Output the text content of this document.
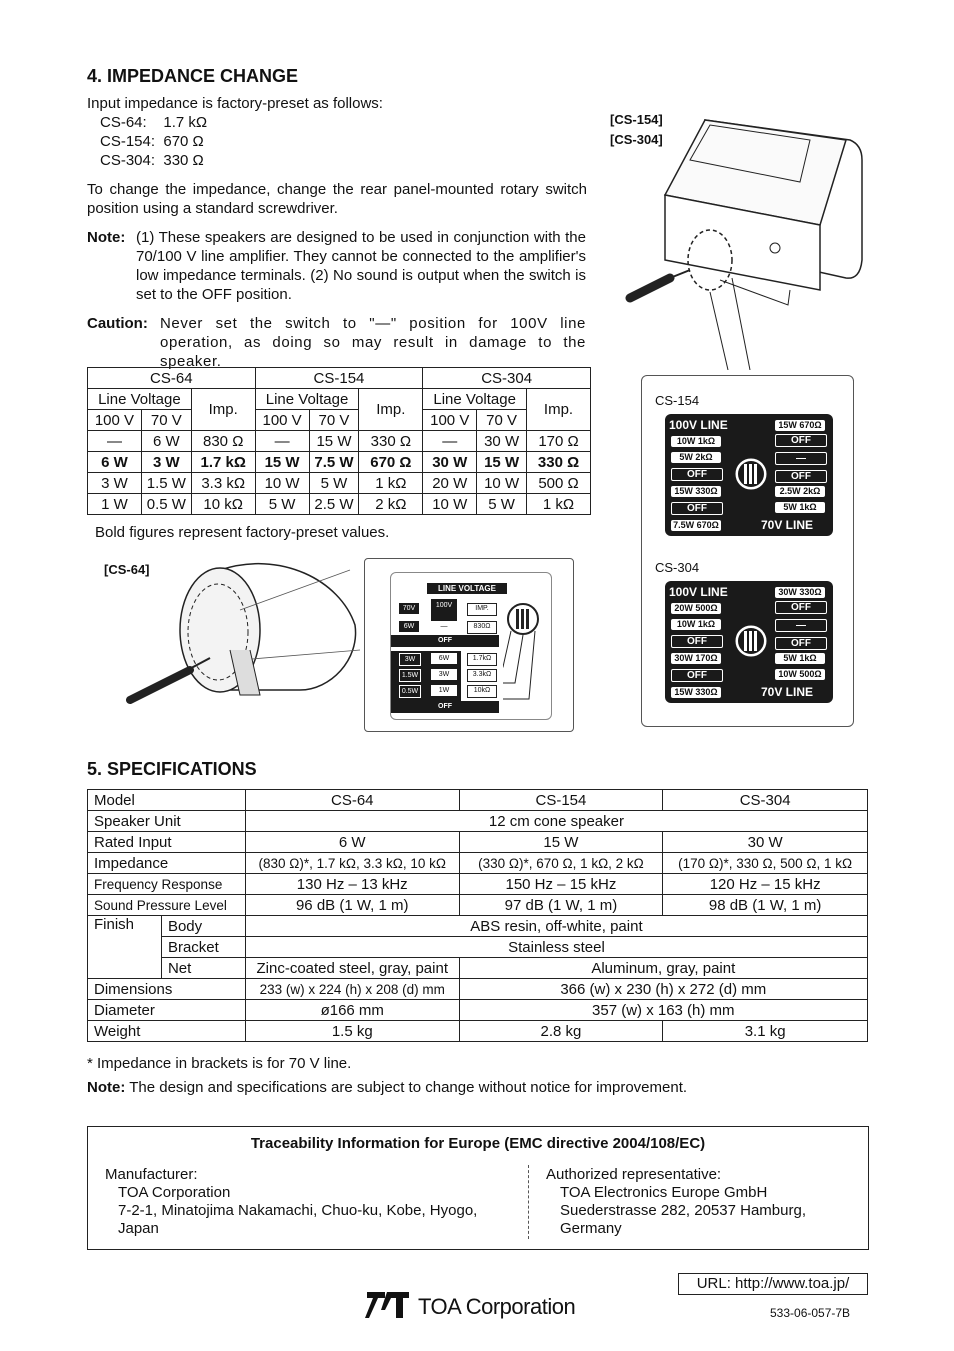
4. IMPEDANCE CHANGE
Input impedance is factory-preset as follows:
CS-64:    1.7 kΩ
CS-154:  670 Ω
CS-304:  330 Ω
To change the impedance, change the rear panel-mounted rotary switch position using a standard screwdriver.
Note: (1) These speakers are designed to be used in conjunction with the 70/100 V line amplifier. They cannot be connected to the amplifier's low impedance terminals. (2) No sound is output when the switch is set to the OFF position.
Caution: Never set the switch to "—" position for 100V line operation, as doing so may result in damage to the speaker.
CS-64			CS-154			CS-304		
Line Voltage		Imp.	Line Voltage		Imp.	Line Voltage		Imp.
100 V	70 V		100 V	70 V		100 V	70 V	
—	6 W	830 Ω	—	15 W	330 Ω	—	30 W	170 Ω
6 W	3 W	1.7 kΩ	15 W	7.5 W	670 Ω	30 W	15 W	330 Ω
3 W	1.5 W	3.3 kΩ	10 W	5 W	1 kΩ	20 W	10 W	500 Ω
1 W	0.5 W	10 kΩ	5 W	2.5 W	2 kΩ	10 W	5 W	1 kΩ
Bold figures represent factory-preset values.
[CS-64]
LINE VOLTAGE
70V	100V	IMP.
6W	—	830Ω
OFF
3W	6W	1.7kΩ
1.5W	3W	3.3kΩ
0.5W	1W	10kΩ
OFF
[CS-154]
[CS-304]
CS-154
100V LINE
10W 1kΩ
5W 2kΩ
OFF
15W 330Ω
OFF
7.5W 670Ω
15W 670Ω
OFF
—
OFF
2.5W 2kΩ
5W 1kΩ
70V LINE
CS-304
100V LINE
20W 500Ω
10W 1kΩ
OFF
30W 170Ω
OFF
15W 330Ω
30W 330Ω
OFF
—
OFF
5W 1kΩ
10W 500Ω
70V LINE
5. SPECIFICATIONS
Model		CS-64	CS-154	CS-304
Speaker Unit		12 cm cone speaker		
Rated Input		6 W	15 W	30 W
Impedance		(830 Ω)*, 1.7 kΩ, 3.3 kΩ, 10 kΩ	(330 Ω)*, 670 Ω, 1 kΩ, 2 kΩ	(170 Ω)*, 330 Ω, 500 Ω, 1 kΩ
Frequency Response		130 Hz – 13 kHz	150 Hz – 15 kHz	120 Hz – 15 kHz
Sound Pressure Level		96 dB (1 W, 1 m)	97 dB (1 W, 1 m)	98 dB (1 W, 1 m)
Finish	Body	ABS resin, off-white, paint		
	Bracket	Stainless steel		
	Net	Zinc-coated steel, gray, paint	Aluminum, gray, paint	
Dimensions		233 (w) x 224 (h) x 208 (d) mm	366 (w) x 230 (h) x 272 (d) mm	
Diameter		ø166 mm	357 (w) x 163 (h) mm	
Weight		1.5 kg	2.8 kg	3.1 kg
* Impedance in brackets is for 70 V line.
Note: The design and specifications are subject to change without notice for improvement.
Traceability Information for Europe (EMC directive 2004/108/EC)
Manufacturer:
TOA Corporation
7-2-1, Minatojima Nakamachi, Chuo-ku, Kobe, Hyogo,
Japan
Authorized representative:
TOA Electronics Europe GmbH
Suederstrasse 282, 20537 Hamburg,
Germany
URL: http://www.toa.jp/
TOA Corporation	533-06-057-7B
